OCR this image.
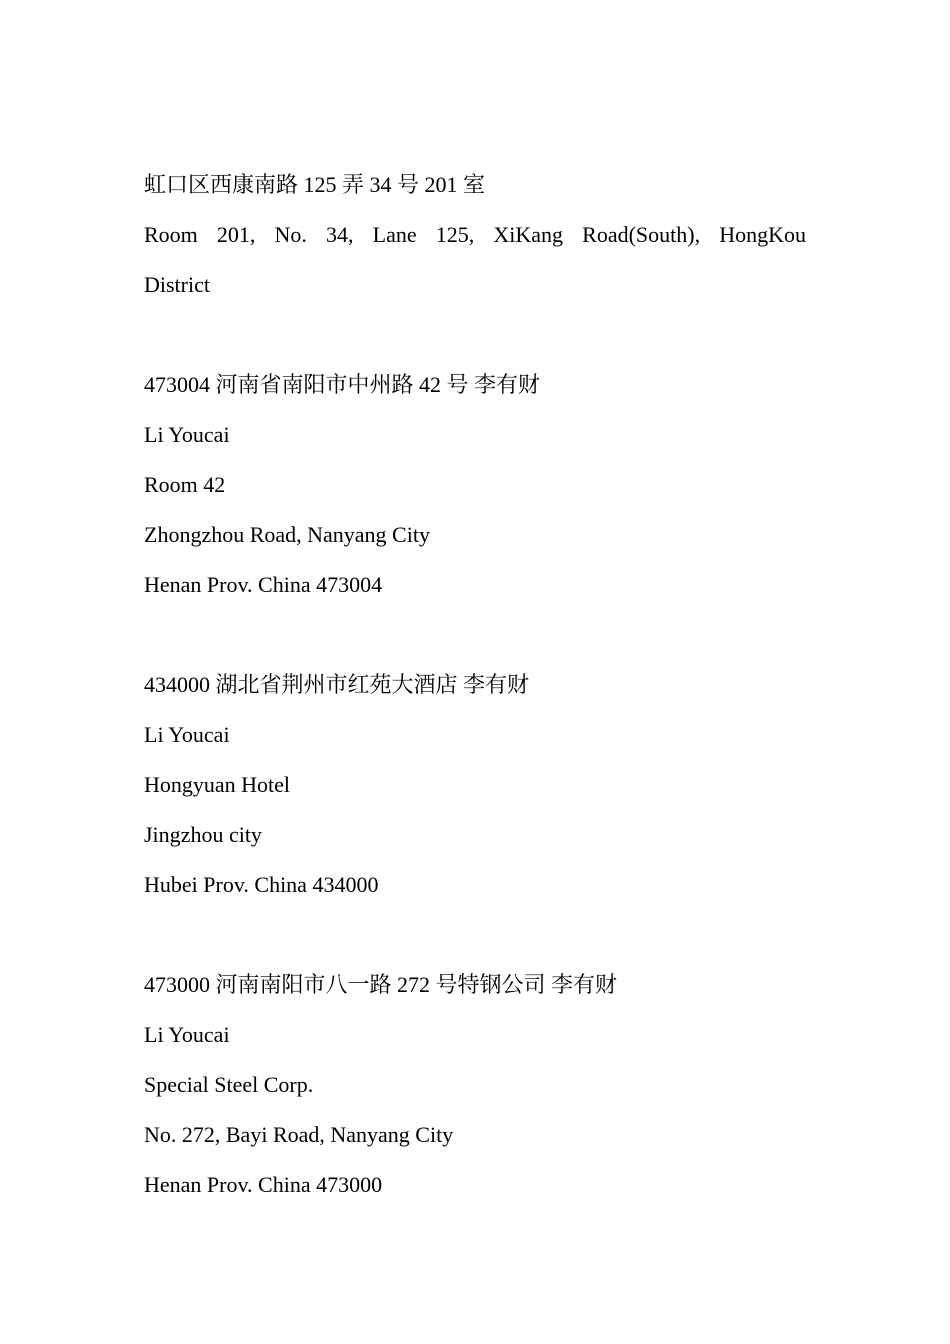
虹口区西康南路 125 弄 34 号 201 室

Room 201, No. 34, Lane 125, XiKang Road(South), HongKou

District

473004 河南省南阳市中州路 42 号 李有财

Li Youcai

Room 42

Zhongzhou Road, Nanyang City

Henan Prov. China 473004

434000 湖北省荆州市红苑大酒店 李有财

Li Youcai

Hongyuan Hotel

Jingzhou city

Hubei Prov. China 434000

473000 河南南阳市八一路 272 号特钢公司 李有财

Li Youcai

Special Steel Corp.

No. 272, Bayi Road, Nanyang City

Henan Prov. China 473000
